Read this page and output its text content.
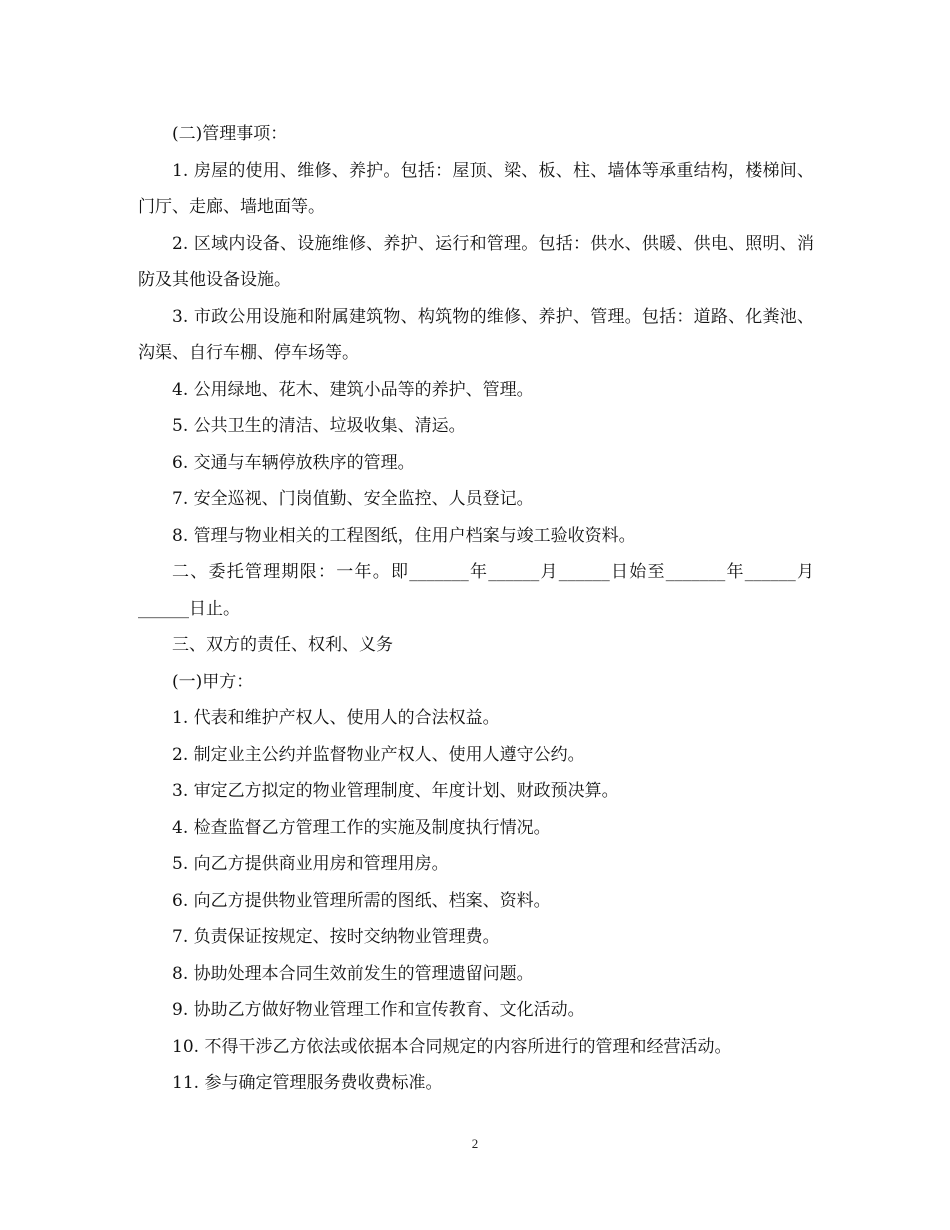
(二)管理事项：

1. 房屋的使用、维修、养护。包括：屋顶、梁、板、柱、墙体等承重结构，楼梯间、门厅、走廊、墙地面等。

2. 区域内设备、设施维修、养护、运行和管理。包括：供水、供暖、供电、照明、消防及其他设备设施。

3. 市政公用设施和附属建筑物、构筑物的维修、养护、管理。包括：道路、化粪池、沟渠、自行车棚、停车场等。

4. 公用绿地、花木、建筑小品等的养护、管理。

5. 公共卫生的清洁、垃圾收集、清运。

6. 交通与车辆停放秩序的管理。

7. 安全巡视、门岗值勤、安全监控、人员登记。

8. 管理与物业相关的工程图纸，住用户档案与竣工验收资料。

二、委托管理期限：一年。即_______年______月______日始至_______年______月______日止。

三、双方的责任、权利、义务

(一)甲方：

1. 代表和维护产权人、使用人的合法权益。

2. 制定业主公约并监督物业产权人、使用人遵守公约。

3. 审定乙方拟定的物业管理制度、年度计划、财政预决算。

4. 检查监督乙方管理工作的实施及制度执行情况。

5. 向乙方提供商业用房和管理用房。

6. 向乙方提供物业管理所需的图纸、档案、资料。

7. 负责保证按规定、按时交纳物业管理费。

8. 协助处理本合同生效前发生的管理遗留问题。

9. 协助乙方做好物业管理工作和宣传教育、文化活动。

10. 不得干涉乙方依法或依据本合同规定的内容所进行的管理和经营活动。

11. 参与确定管理服务费收费标准。

2
